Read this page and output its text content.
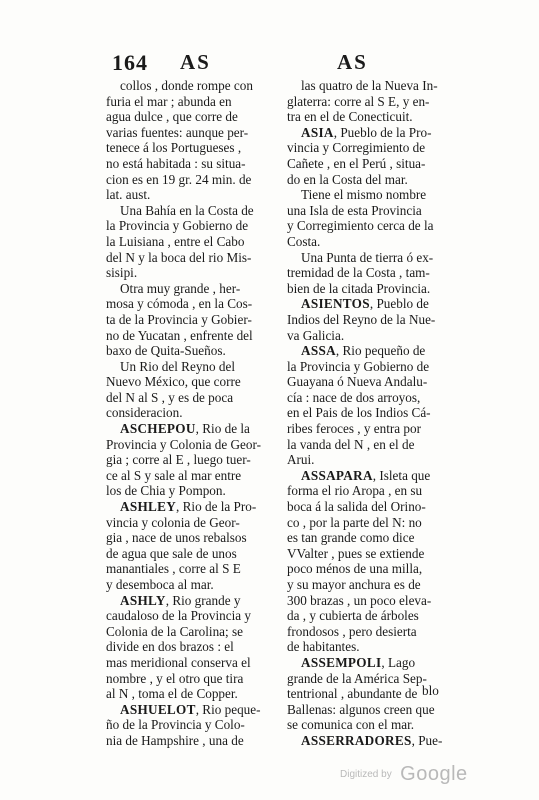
164 AS	AS
collos , donde rompe con
furia el mar ; abunda en
agua dulce , que corre de
varias fuentes: aunque per-
tenece á los Portugueses ,
no está habitada : su situa-
cion es en 19 gr. 24 min. de
lat. aust.
Una Bahía en la Costa de
la Provincia y Gobierno de
la Luisiana , entre el Cabo
del N y la boca del rio Mis-
sisipi.
Otra muy grande , her-
mosa y cómoda , en la Cos-
ta de la Provincia y Gobier-
no de Yucatan , enfrente del
baxo de Quita-Sueños.
Un Rio del Reyno del
Nuevo México, que corre
del N al S , y es de poca
consideracion.
ASCHEPOU, Rio de la
Provincia y Colonia de Geor-
gia ; corre al E , luego tuer-
ce al S y sale al mar entre
los de Chia y Pompon.
ASHLEY, Rio de la Pro-
vincia y colonia de Geor-
gia , nace de unos rebalsos
de agua que sale de unos
manantiales , corre al S E
y desemboca al mar.
ASHLY, Rio grande y
caudaloso de la Provincia y
Colonia de la Carolina; se
divide en dos brazos : el
mas meridional conserva el
nombre , y el otro que tira
al N , toma el de Copper.
ASHUELOT, Rio peque-
ño de la Provincia y Colo-
nia de Hampshire , una de
las quatro de la Nueva In-
glaterra: corre al S E, y en-
tra en el de Conecticuit.
ASIA, Pueblo de la Pro-
vincia y Corregimiento de
Cañete , en el Perú , situa-
do en la Costa del mar.
Tiene el mismo nombre
una Isla de esta Provincia
y Corregimiento cerca de la
Costa.
Una Punta de tierra ó ex-
tremidad de la Costa , tam-
bien de la citada Provincia.
ASIENTOS, Pueblo de
Indios del Reyno de la Nue-
va Galicia.
ASSA, Rio pequeño de
la Provincia y Gobierno de
Guayana ó Nueva Andalu-
cía : nace de dos arroyos,
en el Pais de los Indios Cá-
ribes feroces , y entra por
la vanda del N , en el de
Arui.
ASSAPARA, Isleta que
forma el rio Aropa , en su
boca á la salida del Orino-
co , por la parte del N: no
es tan grande como dice
VValter , pues se extiende
poco ménos de una milla,
y su mayor anchura es de
300 brazas , un poco eleva-
da , y cubierta de árboles
frondosos , pero desierta
de habitantes.
ASSEMPOLI, Lago
grande de la América Sep-
tentrional , abundante de
Ballenas: algunos creen que
se comunica con el mar.
ASSERRADORES, Pue-
blo
Digitized by Google
